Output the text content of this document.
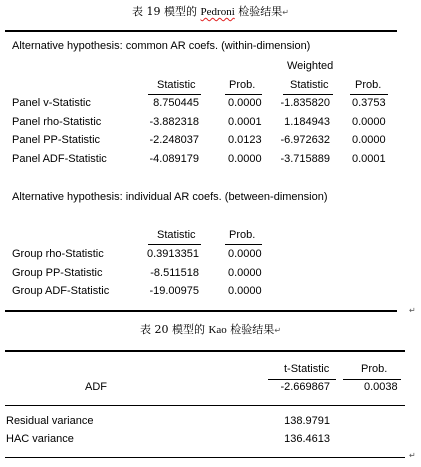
表 19 模型的 Pedroni 检验结果↵
Alternative hypothesis: common AR coefs. (within-dimension)
Weighted
Statistic	Prob.	Statistic Prob.
Panel v-Statistic	8.750445	0.0000	-1.835820 0.3753
Panel rho-Statistic	-3.882318	0.0001	1.184943 0.0000
Panel PP-Statistic	-2.248037	0.0123	-6.972632 0.0000
Panel ADF-Statistic	-4.089179	0.0000	-3.715889 0.0001
Alternative hypothesis: individual AR coefs. (between-dimension)
Statistic	Prob.
Group rho-Statistic	0.3913351	0.0000
Group PP-Statistic	-8.511518	0.0000
Group ADF-Statistic	-19.00975	0.0000
↵
表 20 模型的 Kao 检验结果↵
t-Statistic	Prob.
ADF	-2.669867	0.0038
Residual variance	138.9791
HAC variance	136.4613
↵
